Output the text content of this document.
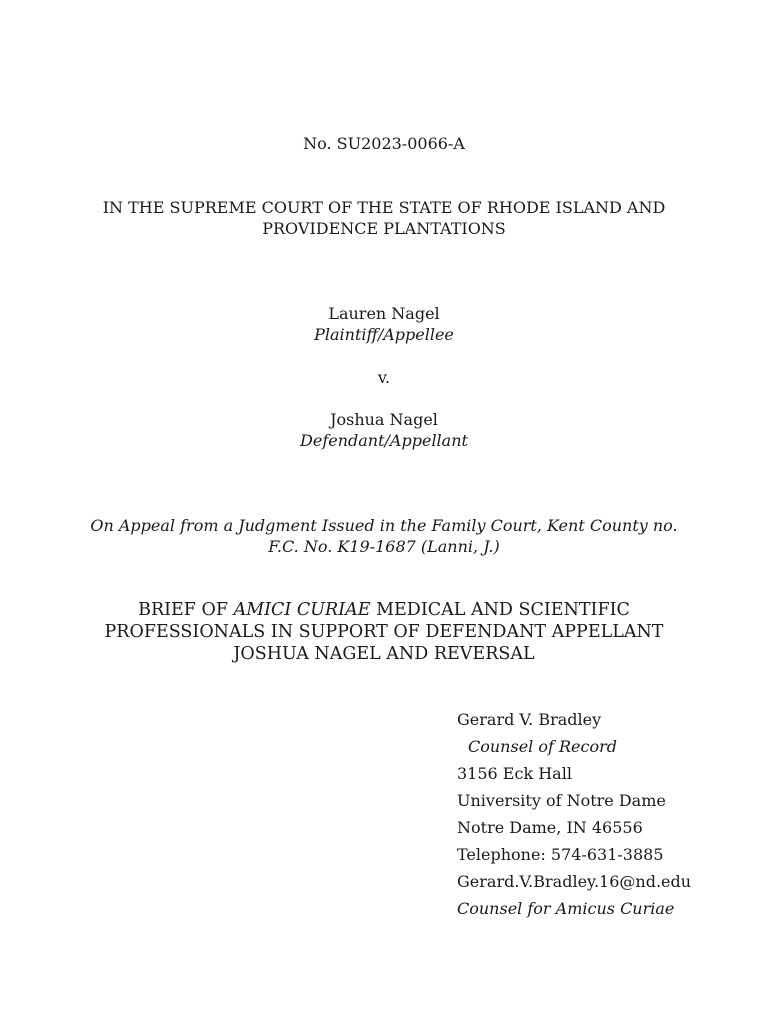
No. SU2023-0066-A
IN THE SUPREME COURT OF THE STATE OF RHODE ISLAND AND
PROVIDENCE PLANTATIONS
Lauren Nagel
Plaintiff/Appellee
v.
Joshua Nagel
Defendant/Appellant
On Appeal from a Judgment Issued in the Family Court, Kent County no.
F.C. No. K19-1687 (Lanni, J.)
BRIEF OF AMICI CURIAE MEDICAL AND SCIENTIFIC
PROFESSIONALS IN SUPPORT OF DEFENDANT APPELLANT
JOSHUA NAGEL AND REVERSAL
Gerard V. Bradley
Counsel of Record
3156 Eck Hall
University of Notre Dame
Notre Dame, IN 46556
Telephone: 574-631-3885
Gerard.V.Bradley.16@nd.edu
Counsel for Amicus Curiae
